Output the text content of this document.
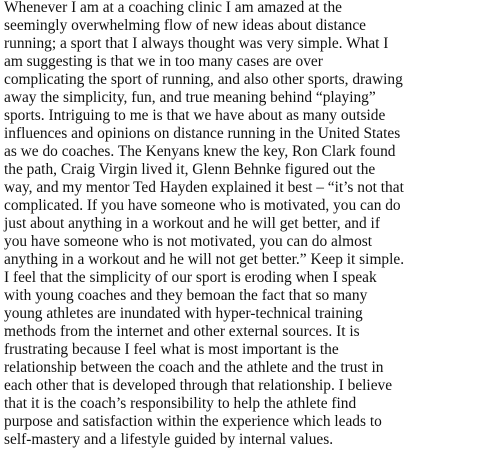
Whenever I am at a coaching clinic I am amazed at the
seemingly overwhelming flow of new ideas about distance
running; a sport that I always thought was very simple. What I
am suggesting is that we in too many cases are over
complicating the sport of running, and also other sports, drawing
away the simplicity, fun, and true meaning behind “playing”
sports. Intriguing to me is that we have about as many outside
influences and opinions on distance running in the United States
as we do coaches. The Kenyans knew the key, Ron Clark found
the path, Craig Virgin lived it, Glenn Behnke figured out the
way, and my mentor Ted Hayden explained it best – “it’s not that
complicated. If you have someone who is motivated, you can do
just about anything in a workout and he will get better, and if
you have someone who is not motivated, you can do almost
anything in a workout and he will not get better.” Keep it simple.
I feel that the simplicity of our sport is eroding when I speak
with young coaches and they bemoan the fact that so many
young athletes are inundated with hyper-technical training
methods from the internet and other external sources. It is
frustrating because I feel what is most important is the
relationship between the coach and the athlete and the trust in
each other that is developed through that relationship. I believe
that it is the coach’s responsibility to help the athlete find
purpose and satisfaction within the experience which leads to
self-mastery and a lifestyle guided by internal values.
